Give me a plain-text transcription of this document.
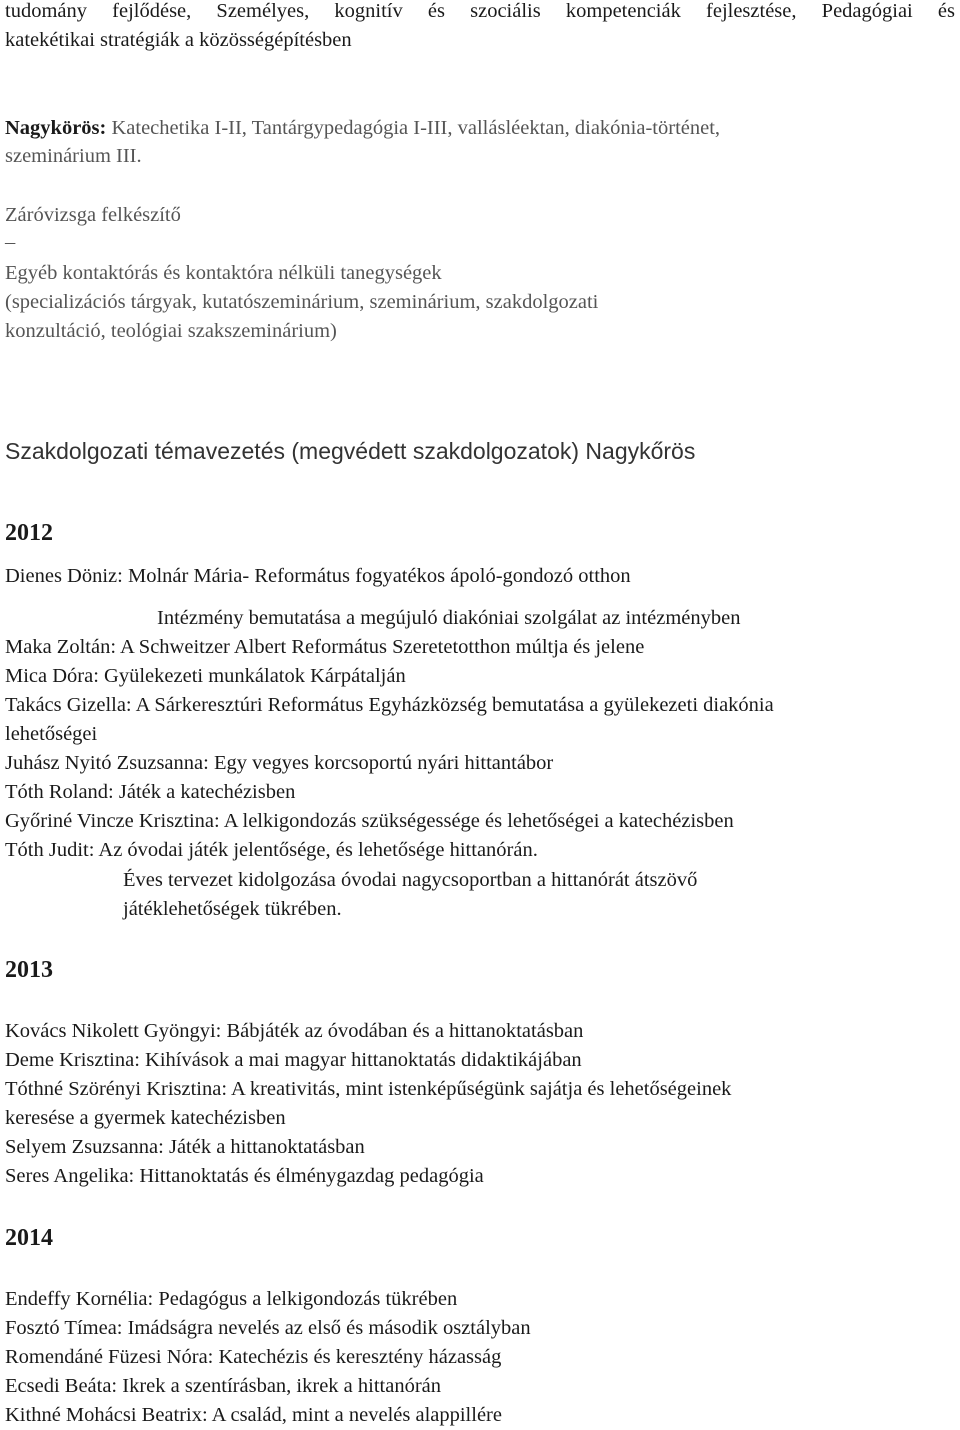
tudomány fejlődése, Személyes, kognitív és szociális kompetenciák fejlesztése, Pedagógiai és
katekétikai stratégiák a közösségépítésben
Nagykörös: Katechetika I-II, Tantárgypedagógia I-III, vallásléektan, diakónia-történet,
szeminárium III.
Záróvizsga felkészítő
–
Egyéb kontaktórás és kontaktóra nélküli tanegységek
(specializációs tárgyak, kutatószeminárium, szeminárium, szakdolgozati
konzultáció, teológiai szakszeminárium)
Szakdolgozati témavezetés (megvédett szakdolgozatok) Nagykőrös
2012
Dienes Döniz: Molnár Mária- Református fogyatékos ápoló-gondozó otthon
Intézmény bemutatása a megújuló diakóniai szolgálat az intézményben
Maka Zoltán: A Schweitzer Albert Református Szeretetotthon múltja és jelene
Mica Dóra: Gyülekezeti munkálatok Kárpátalján
Takács Gizella: A Sárkeresztúri Református Egyházközség bemutatása a gyülekezeti diakónia
lehetőségei
Juhász Nyitó Zsuzsanna: Egy vegyes korcsoportú nyári hittantábor
Tóth Roland: Játék a katechézisben
Győriné Vincze Krisztina: A lelkigondozás szükségessége és lehetőségei a katechézisben
Tóth Judit: Az óvodai játék jelentősége, és lehetősége hittanórán.
Éves tervezet kidolgozása óvodai nagycsoportban a hittanórát átszövő
játéklehetőségek tükrében.
2013
Kovács Nikolett Gyöngyi: Bábjáték az óvodában és a hittanoktatásban
Deme Krisztina: Kihívások a mai magyar hittanoktatás didaktikájában
Tóthné Szörényi Krisztina: A kreativitás, mint istenképűségünk sajátja és lehetőségeinek
keresése a gyermek katechézisben
Selyem Zsuzsanna: Játék a hittanoktatásban
Seres Angelika: Hittanoktatás és élménygazdag pedagógia
2014
Endeffy Kornélia: Pedagógus a lelkigondozás tükrében
Fosztó Tímea: Imádságra nevelés az első és második osztályban
Romendáné Füzesi Nóra: Katechézis és keresztény házasság
Ecsedi Beáta: Ikrek a szentírásban, ikrek a hittanórán
Kithné Mohácsi Beatrix: A család, mint a nevelés alappillére
